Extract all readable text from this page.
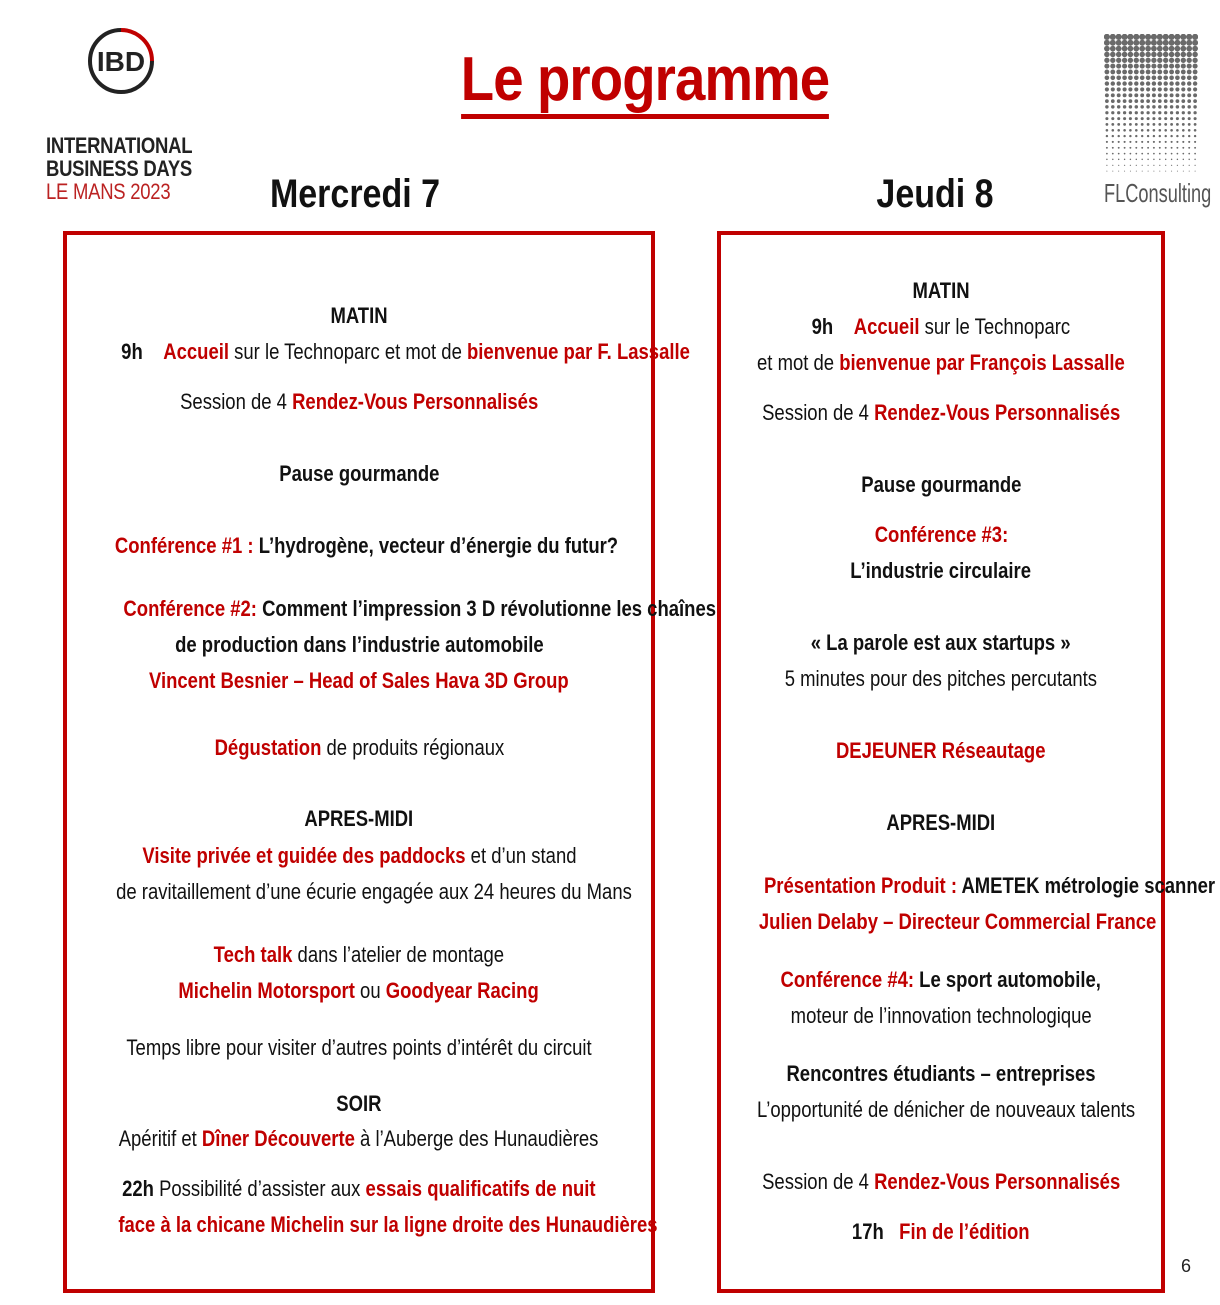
Le programme
IBD
INTERNATIONAL
BUSINESS DAYS
LE MANS 2023	FLConsulting
Mercredi 7	Jeudi 8
MATIN
9h Accueil sur le Technoparc et mot de bienvenue par F. Lassalle
Session de 4 Rendez-Vous Personnalisés
Pause gourmande
Conférence #1 : L’hydrogène, vecteur d’énergie du futur?
Conférence #2: Comment l’impression 3 D révolutionne les chaînes
de production dans l’industrie automobile
Vincent Besnier – Head of Sales Hava 3D Group
Dégustation de produits régionaux
APRES-MIDI
Visite privée et guidée des paddocks et d’un stand
de ravitaillement d’une écurie engagée aux 24 heures du Mans
Tech talk dans l’atelier de montage
Michelin Motorsport ou Goodyear Racing
Temps libre pour visiter d’autres points d’intérêt du circuit
SOIR
Apéritif et Dîner Découverte à l’Auberge des Hunaudières
22h Possibilité d’assister aux essais qualificatifs de nuit
face à la chicane Michelin sur la ligne droite des Hunaudières
MATIN
9h Accueil sur le Technoparc
et mot de bienvenue par François Lassalle
Session de 4 Rendez-Vous Personnalisés
Pause gourmande
Conférence #3:
L’industrie circulaire
« La parole est aux startups »
5 minutes pour des pitches percutants
DEJEUNER Réseautage
APRES-MIDI
Présentation Produit : AMETEK métrologie scanner
Julien Delaby – Directeur Commercial France
Conférence #4: Le sport automobile,
moteur de l’innovation technologique
Rencontres étudiants – entreprises
L’opportunité de dénicher de nouveaux talents
Session de 4 Rendez-Vous Personnalisés
17h Fin de l’édition
6
